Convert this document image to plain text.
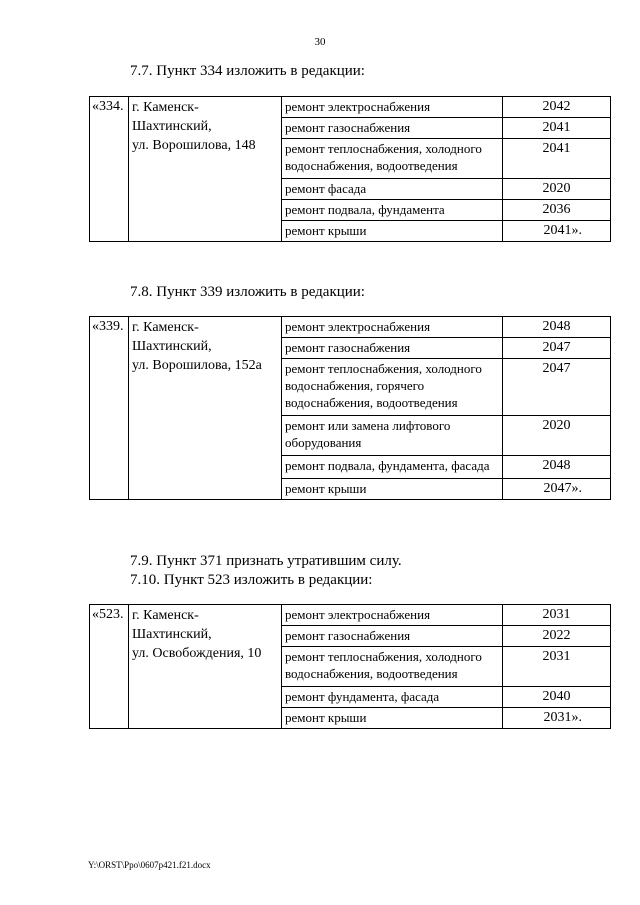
30
7.7. Пункт 334 изложить в редакции:
«334.	г. Каменск-
Шахтинский,
ул. Ворошилова, 148	ремонт электроснабжения	2042
		ремонт газоснабжения	2041
		ремонт теплоснабжения, холодного водоснабжения, водоотведения	2041
		ремонт фасада	2020
		ремонт подвала, фундамента	2036
		ремонт крыши	2041».
7.8. Пункт 339 изложить в редакции:
«339.	г. Каменск-
Шахтинский,
ул. Ворошилова, 152а	ремонт электроснабжения	2048
		ремонт газоснабжения	2047
		ремонт теплоснабжения, холодного водоснабжения, горячего водоснабжения, водоотведения	2047
		ремонт или замена лифтового оборудования	2020
		ремонт подвала, фундамента, фасада	2048
		ремонт крыши	2047».
7.9. Пункт 371 признать утратившим силу.
7.10. Пункт 523 изложить в редакции:
«523.	г. Каменск-
Шахтинский,
ул. Освобождения, 10	ремонт электроснабжения	2031
		ремонт газоснабжения	2022
		ремонт теплоснабжения, холодного водоснабжения, водоотведения	2031
		ремонт фундамента, фасада	2040
		ремонт крыши	2031».
Y:\ORST\Ppo\0607p421.f21.docx
